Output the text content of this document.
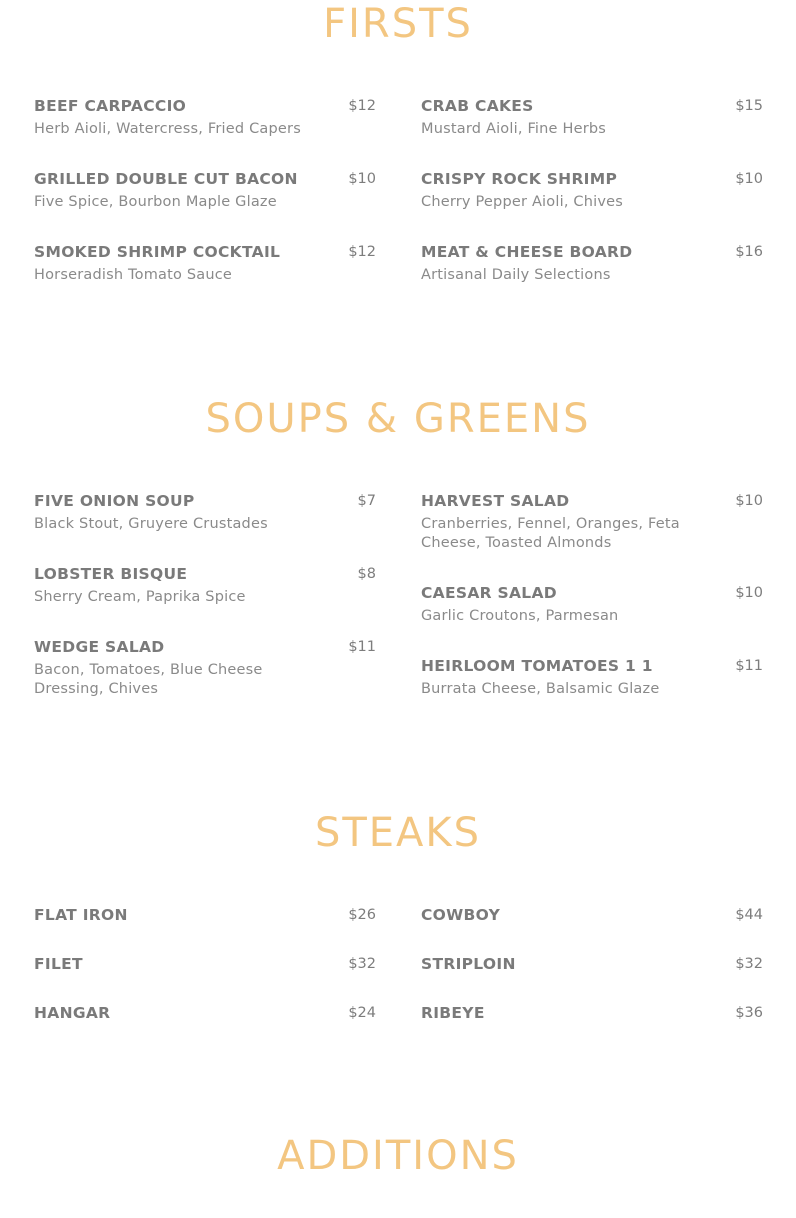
FIRSTS
BEEF CARPACCIO	$12
Herb Aioli, Watercress, Fried Capers
GRILLED DOUBLE CUT BACON	$10
Five Spice, Bourbon Maple Glaze
SMOKED SHRIMP COCKTAIL	$12
Horseradish Tomato Sauce
CRAB CAKES	$15
Mustard Aioli, Fine Herbs
CRISPY ROCK SHRIMP	$10
Cherry Pepper Aioli, Chives
MEAT & CHEESE BOARD	$16
Artisanal Daily Selections
SOUPS & GREENS
FIVE ONION SOUP	$7
Black Stout, Gruyere Crustades
LOBSTER BISQUE	$8
Sherry Cream, Paprika Spice
WEDGE SALAD	$11
Bacon, Tomatoes, Blue Cheese Dressing, Chives
HARVEST SALAD	$10
Cranberries, Fennel, Oranges, Feta Cheese, Toasted Almonds
CAESAR SALAD	$10
Garlic Croutons, Parmesan
HEIRLOOM TOMATOES 1 1	$11
Burrata Cheese, Balsamic Glaze
STEAKS
FLAT IRON	$26
FILET	$32
HANGAR	$24
COWBOY	$44
STRIPLOIN	$32
RIBEYE	$36
ADDITIONS
